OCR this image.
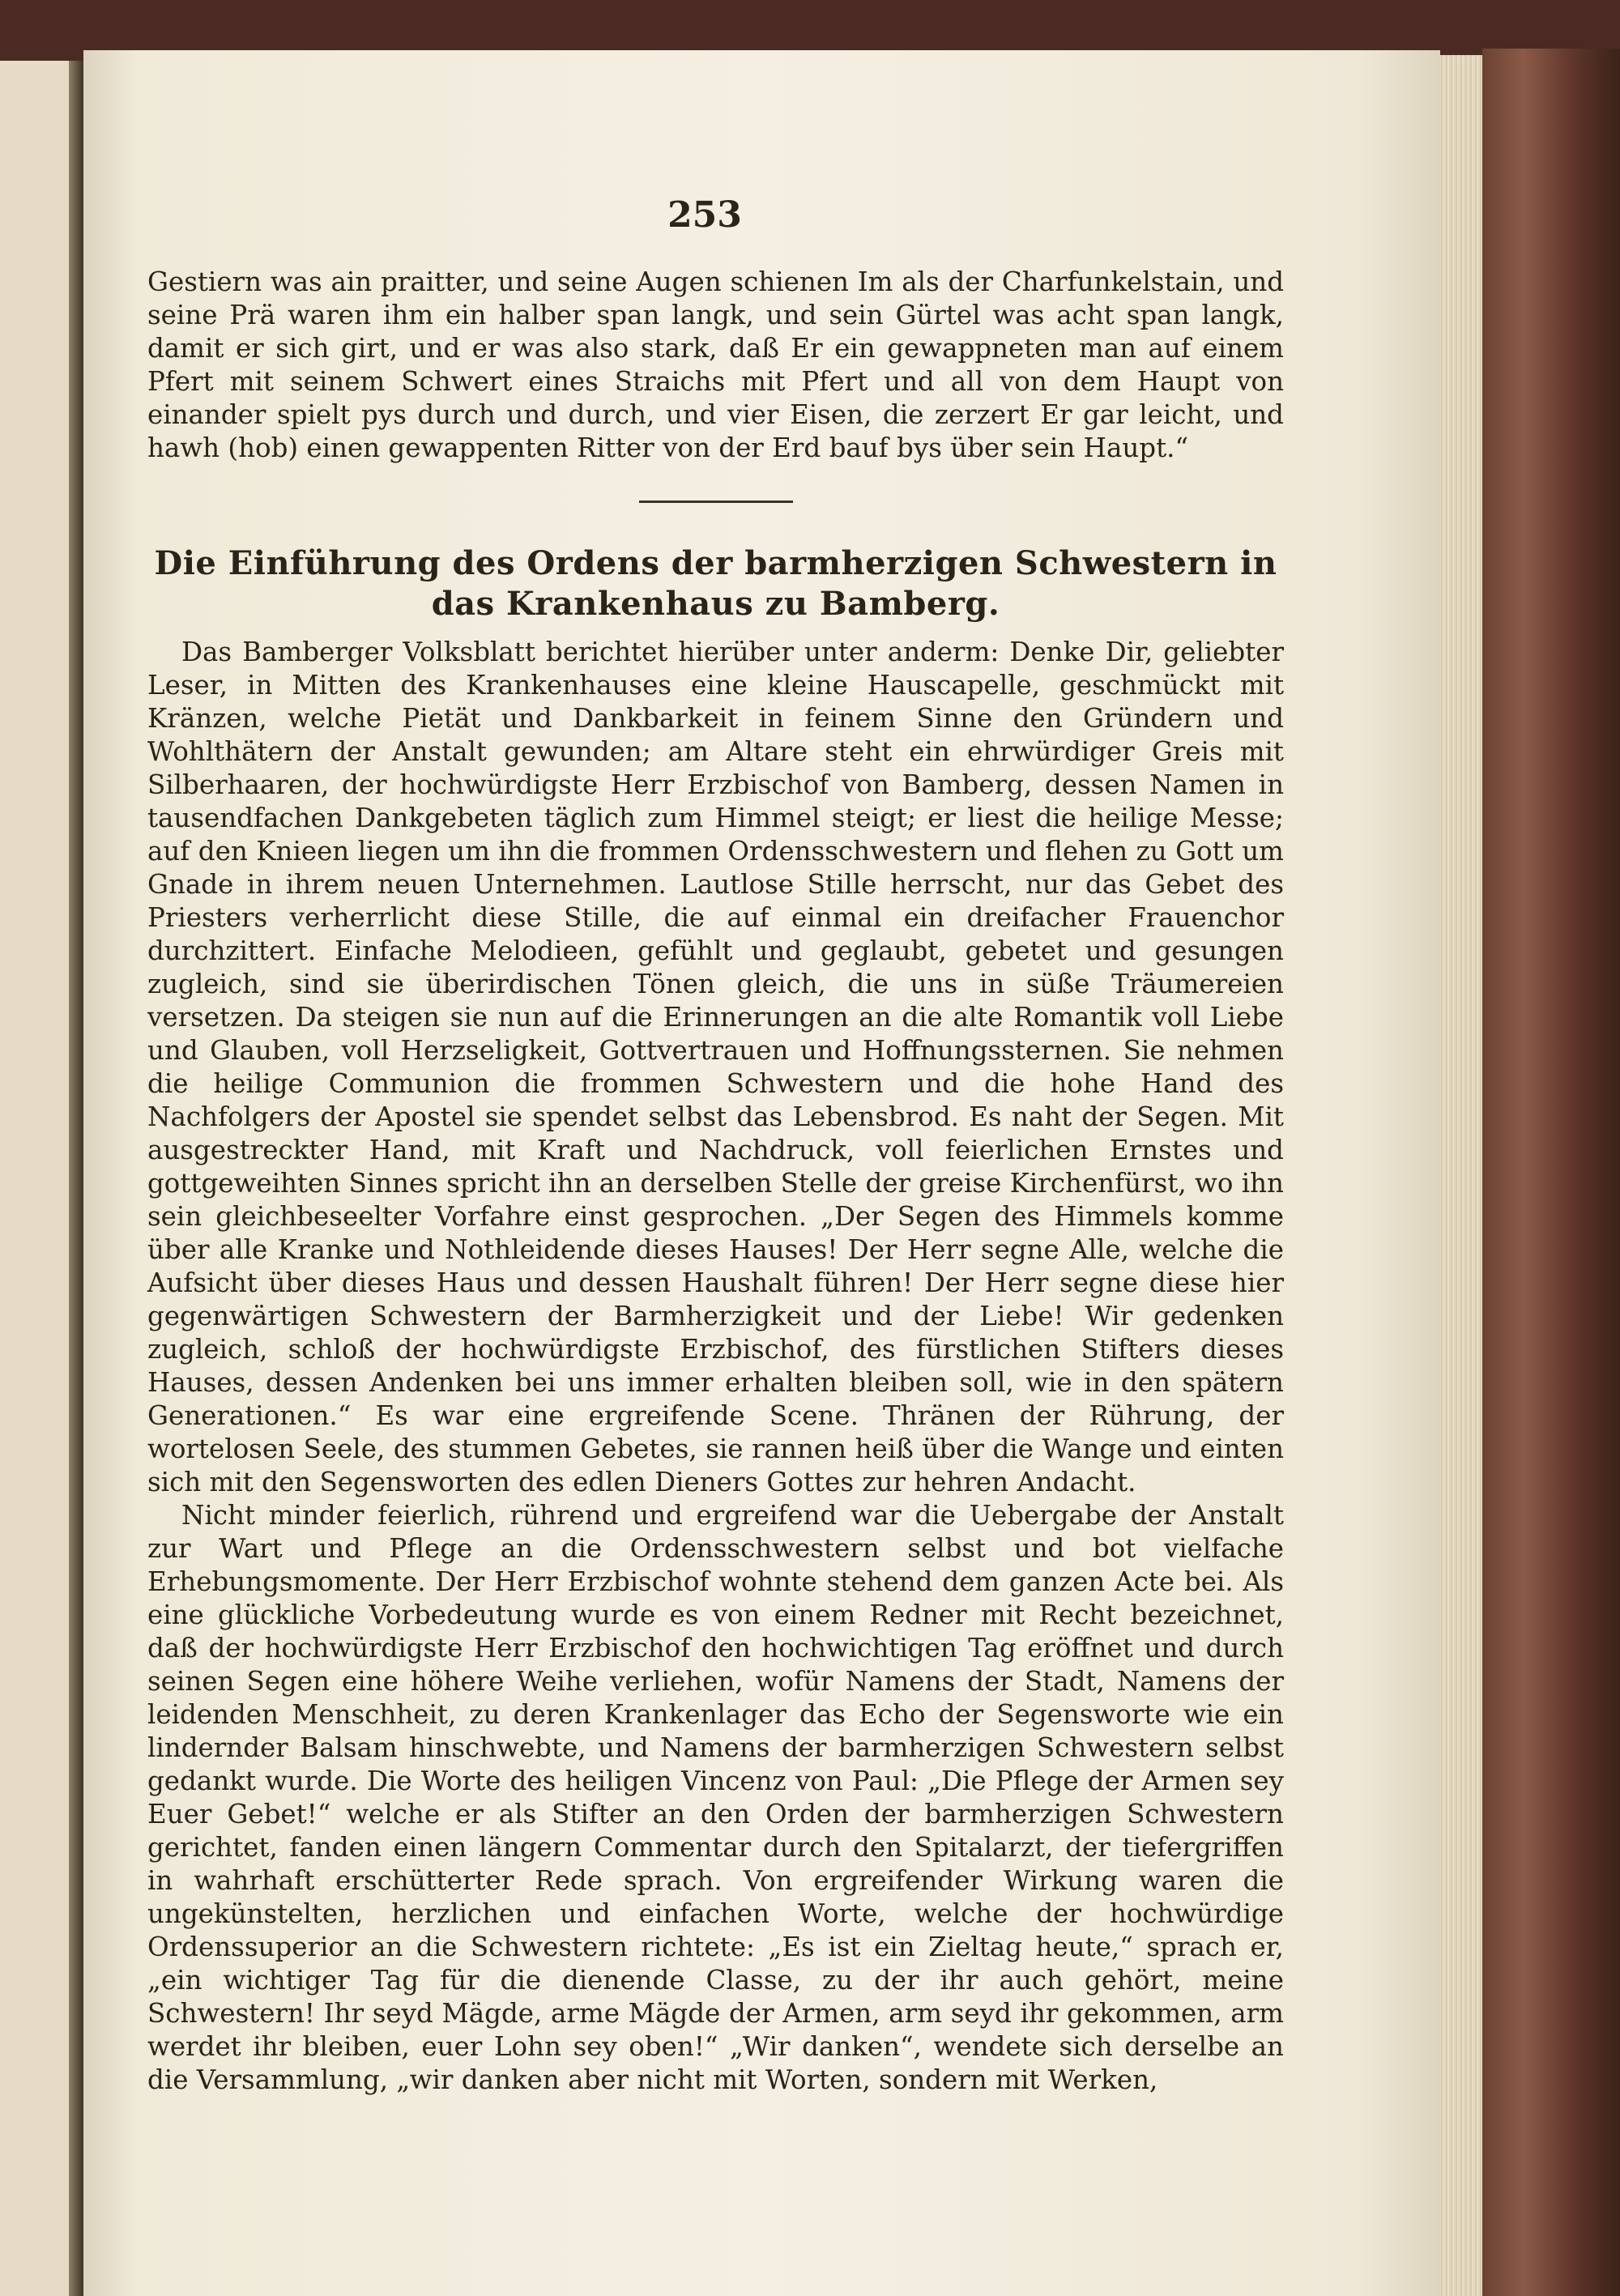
253

Gestiern was ain praitter, und seine Augen schienen Im als der Charfunkelstain, und seine Prä waren ihm ein halber span langk, und sein Gürtel was acht span langk, damit er sich girt, und er was also stark, daß Er ein gewappneten man auf einem Pfert mit seinem Schwert eines Straichs mit Pfert und all von dem Haupt von einander spielt pys durch und durch, und vier Eisen, die zerzert Er gar leicht, und hawh (hob) einen gewappenten Ritter von der Erd bauf bys über sein Haupt.“

Die Einführung des Ordens der barmherzigen Schwestern in das Krankenhaus zu Bamberg.

Das Bamberger Volksblatt berichtet hierüber unter anderm: Denke Dir, geliebter Leser, in Mitten des Krankenhauses eine kleine Hauscapelle, geschmückt mit Kränzen, welche Pietät und Dankbarkeit in feinem Sinne den Gründern und Wohlthätern der Anstalt gewunden; am Altare steht ein ehrwürdiger Greis mit Silberhaaren, der hochwürdigste Herr Erzbischof von Bamberg, dessen Namen in tausendfachen Dankgebeten täglich zum Himmel steigt; er liest die heilige Messe; auf den Knieen liegen um ihn die frommen Ordensschwestern und flehen zu Gott um Gnade in ihrem neuen Unternehmen. Lautlose Stille herrscht, nur das Gebet des Priesters verherrlicht diese Stille, die auf einmal ein dreifacher Frauenchor durchzittert. Einfache Melodieen, gefühlt und geglaubt, gebetet und gesungen zugleich, sind sie überirdischen Tönen gleich, die uns in süße Träumereien versetzen. Da steigen sie nun auf die Erinnerungen an die alte Romantik voll Liebe und Glauben, voll Herzseligkeit, Gottvertrauen und Hoffnungssternen. Sie nehmen die heilige Communion die frommen Schwestern und die hohe Hand des Nachfolgers der Apostel sie spendet selbst das Lebensbrod. Es naht der Segen. Mit ausgestreckter Hand, mit Kraft und Nachdruck, voll feierlichen Ernstes und gottgeweihten Sinnes spricht ihn an derselben Stelle der greise Kirchenfürst, wo ihn sein gleichbeseelter Vorfahre einst gesprochen. „Der Segen des Himmels komme über alle Kranke und Nothleidende dieses Hauses! Der Herr segne Alle, welche die Aufsicht über dieses Haus und dessen Haushalt führen! Der Herr segne diese hier gegenwärtigen Schwestern der Barmherzigkeit und der Liebe! Wir gedenken zugleich, schloß der hochwürdigste Erzbischof, des fürstlichen Stifters dieses Hauses, dessen Andenken bei uns immer erhalten bleiben soll, wie in den spätern Generationen.“ Es war eine ergreifende Scene. Thränen der Rührung, der wortelosen Seele, des stummen Gebetes, sie rannen heiß über die Wange und einten sich mit den Segensworten des edlen Dieners Gottes zur hehren Andacht.

Nicht minder feierlich, rührend und ergreifend war die Uebergabe der Anstalt zur Wart und Pflege an die Ordensschwestern selbst und bot vielfache Erhebungsmomente. Der Herr Erzbischof wohnte stehend dem ganzen Acte bei. Als eine glückliche Vorbedeutung wurde es von einem Redner mit Recht bezeichnet, daß der hochwürdigste Herr Erzbischof den hochwichtigen Tag eröffnet und durch seinen Segen eine höhere Weihe verliehen, wofür Namens der Stadt, Namens der leidenden Menschheit, zu deren Krankenlager das Echo der Segensworte wie ein lindernder Balsam hinschwebte, und Namens der barmherzigen Schwestern selbst gedankt wurde. Die Worte des heiligen Vincenz von Paul: „Die Pflege der Armen sey Euer Gebet!“ welche er als Stifter an den Orden der barmherzigen Schwestern gerichtet, fanden einen längern Commentar durch den Spitalarzt, der tiefergriffen in wahrhaft erschütterter Rede sprach. Von ergreifender Wirkung waren die ungekünstelten, herzlichen und einfachen Worte, welche der hochwürdige Ordenssuperior an die Schwestern richtete: „Es ist ein Zieltag heute,“ sprach er, „ein wichtiger Tag für die dienende Classe, zu der ihr auch gehört, meine Schwestern! Ihr seyd Mägde, arme Mägde der Armen, arm seyd ihr gekommen, arm werdet ihr bleiben, euer Lohn sey oben!“ „Wir danken“, wendete sich derselbe an die Versammlung, „wir danken aber nicht mit Worten, sondern mit Werken,
